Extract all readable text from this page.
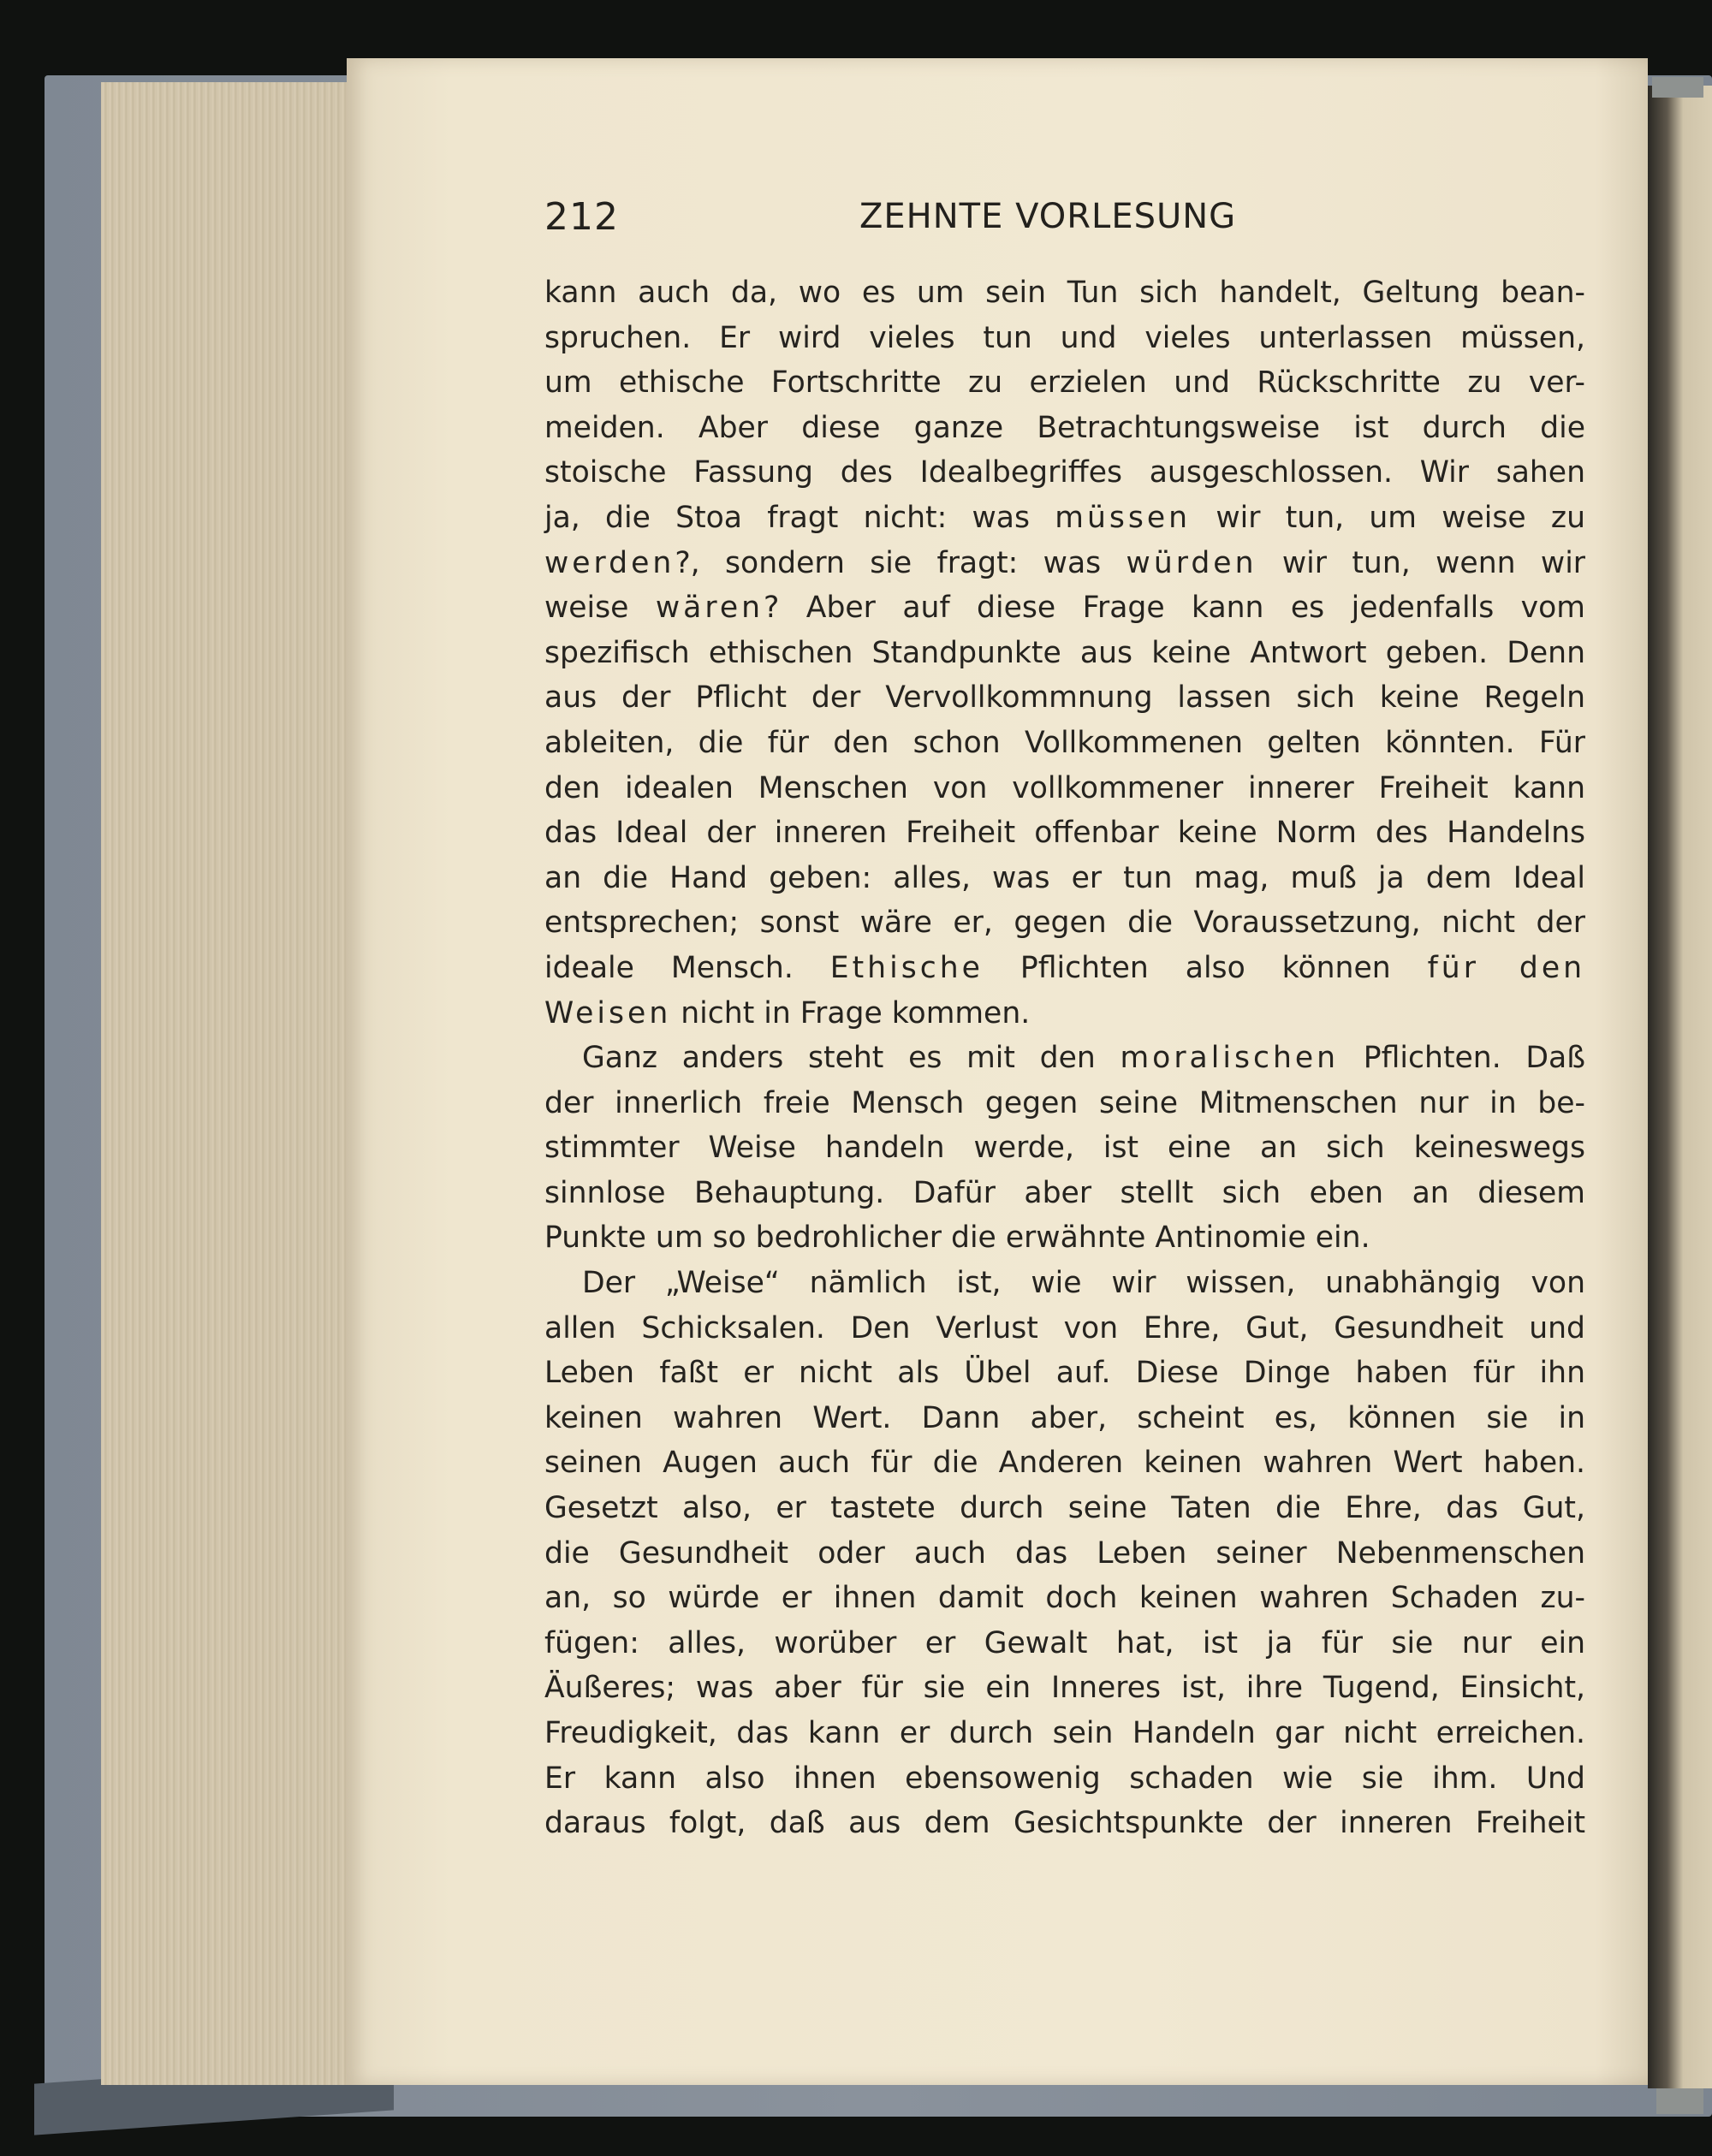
212	ZEHNTE VORLESUNG
kann auch da, wo es um sein Tun sich handelt, Geltung bean-
spruchen. Er wird vieles tun und vieles unterlassen müssen,
um ethische Fortschritte zu erzielen und Rückschritte zu ver-
meiden. Aber diese ganze Betrachtungsweise ist durch die
stoische Fassung des Idealbegriffes ausgeschlossen. Wir sahen
ja, die Stoa fragt nicht: was müssen wir tun, um weise zu
werden?, sondern sie fragt: was würden wir tun, wenn wir
weise wären? Aber auf diese Frage kann es jedenfalls vom
spezifisch ethischen Standpunkte aus keine Antwort geben. Denn
aus der Pflicht der Vervollkommnung lassen sich keine Regeln
ableiten, die für den schon Vollkommenen gelten könnten. Für
den idealen Menschen von vollkommener innerer Freiheit kann
das Ideal der inneren Freiheit offenbar keine Norm des Handelns
an die Hand geben: alles, was er tun mag, muß ja dem Ideal
entsprechen; sonst wäre er, gegen die Voraussetzung, nicht der
ideale Mensch. Ethische Pflichten also können für den
Weisen nicht in Frage kommen.
Ganz anders steht es mit den moralischen Pflichten. Daß
der innerlich freie Mensch gegen seine Mitmenschen nur in be-
stimmter Weise handeln werde, ist eine an sich keineswegs
sinnlose Behauptung. Dafür aber stellt sich eben an diesem
Punkte um so bedrohlicher die erwähnte Antinomie ein.
Der „Weise“ nämlich ist, wie wir wissen, unabhängig von
allen Schicksalen. Den Verlust von Ehre, Gut, Gesundheit und
Leben faßt er nicht als Übel auf. Diese Dinge haben für ihn
keinen wahren Wert. Dann aber, scheint es, können sie in
seinen Augen auch für die Anderen keinen wahren Wert haben.
Gesetzt also, er tastete durch seine Taten die Ehre, das Gut,
die Gesundheit oder auch das Leben seiner Nebenmenschen
an, so würde er ihnen damit doch keinen wahren Schaden zu-
fügen: alles, worüber er Gewalt hat, ist ja für sie nur ein
Äußeres; was aber für sie ein Inneres ist, ihre Tugend, Einsicht,
Freudigkeit, das kann er durch sein Handeln gar nicht erreichen.
Er kann also ihnen ebensowenig schaden wie sie ihm. Und
daraus folgt, daß aus dem Gesichtspunkte der inneren Freiheit
